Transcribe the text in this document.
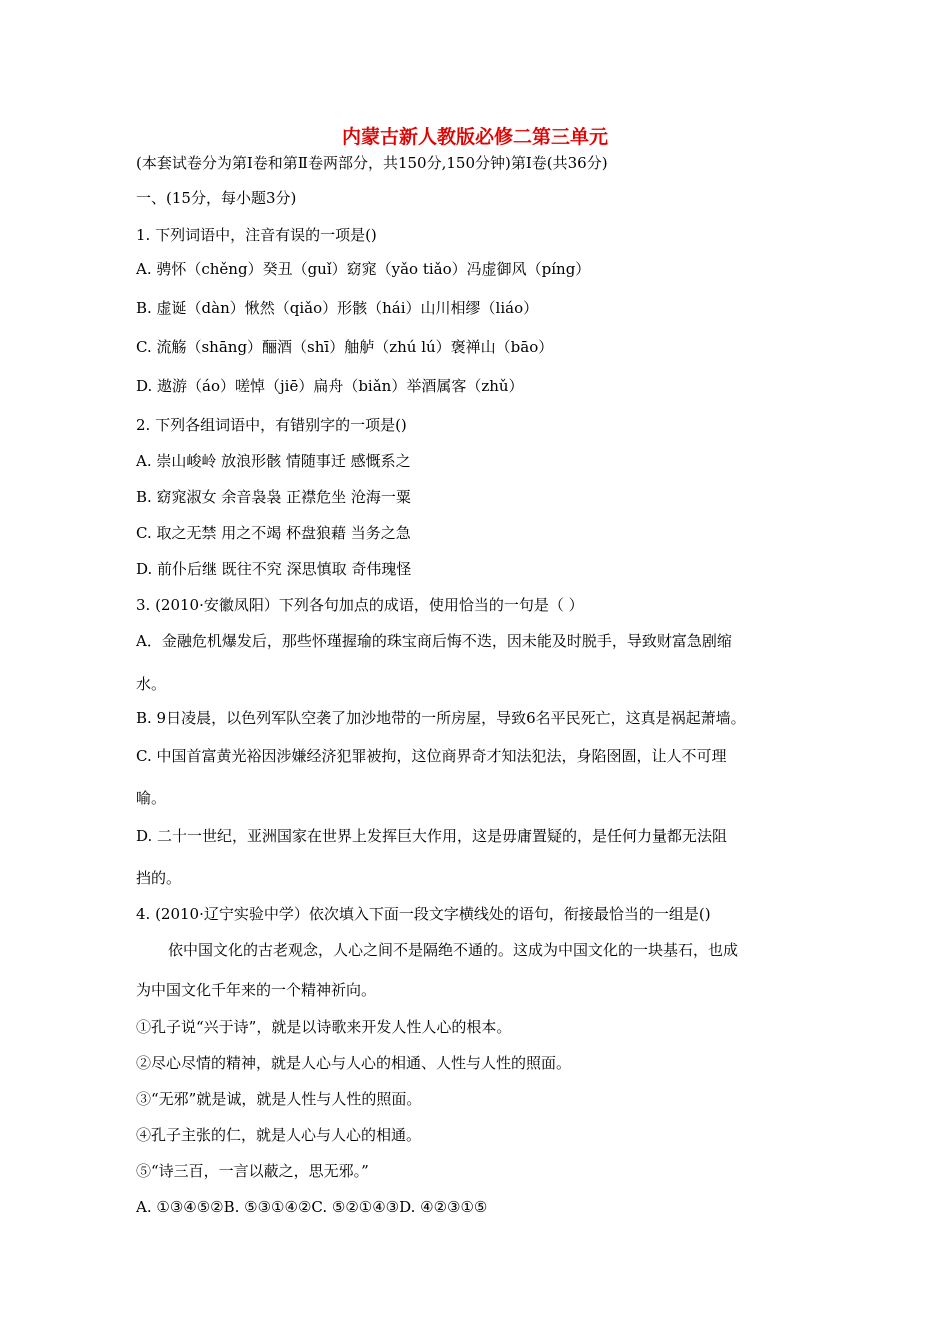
内蒙古新人教版必修二第三单元
(本套试卷分为第Ⅰ卷和第Ⅱ卷两部分，共150分,150分钟)第Ⅰ卷(共36分)
一、(15分，每小题3分)
1. 下列词语中，注音有误的一项是()
A. 骋怀（chěng）癸丑（guǐ）窈窕（yǎo tiǎo）冯虚御风（píng）
B. 虚诞（dàn）愀然（qiǎo）形骸（hái）山川相缪（liáo）
C. 流觞（shāng）酾酒（shī）舳舻（zhú lú）褒禅山（bāo）
D. 遨游（áo）嗟悼（jiē）扁舟（biǎn）举酒属客（zhǔ）
2. 下列各组词语中，有错别字的一项是()
A. 崇山峻岭 放浪形骸 情随事迁 感慨系之
B. 窈窕淑女 余音袅袅 正襟危坐 沧海一粟
C. 取之无禁 用之不竭 杯盘狼藉 当务之急
D. 前仆后继 既往不究 深思慎取 奇伟瑰怪
3. (2010·安徽凤阳）下列各句加点的成语，使用恰当的一句是（ ）
A．金融危机爆发后，那些怀瑾握瑜的珠宝商后悔不迭，因未能及时脱手，导致财富急剧缩
水。
B. 9日凌晨，以色列军队空袭了加沙地带的一所房屋，导致6名平民死亡，这真是祸起萧墙。
C. 中国首富黄光裕因涉嫌经济犯罪被拘，这位商界奇才知法犯法，身陷囹圄，让人不可理
喻。
D. 二十一世纪，亚洲国家在世界上发挥巨大作用，这是毋庸置疑的，是任何力量都无法阻
挡的。
4. (2010·辽宁实验中学）依次填入下面一段文字横线处的语句，衔接最恰当的一组是()
依中国文化的古老观念，人心之间不是隔绝不通的。这成为中国文化的一块基石，也成
为中国文化千年来的一个精神祈向。
①孔子说“兴于诗”，就是以诗歌来开发人性人心的根本。
②尽心尽情的精神，就是人心与人心的相通、人性与人性的照面。
③“无邪”就是诚，就是人性与人性的照面。
④孔子主张的仁，就是人心与人心的相通。
⑤“诗三百，一言以蔽之，思无邪。”
A. ①③④⑤②B. ⑤③①④②C. ⑤②①④③D. ④②③①⑤
